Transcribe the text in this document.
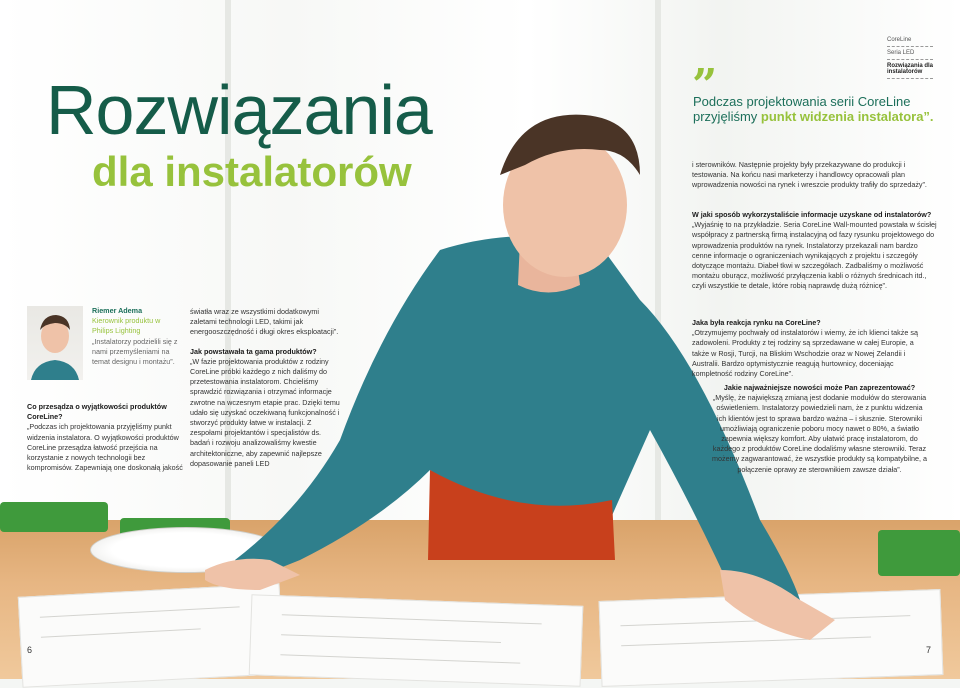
Rozwiązania
dla instalatorów
CoreLine
Seria LED
Rozwiązania dla instalatorów
”
Podczas projektowania serii CoreLine przyjęliśmy punkt widzenia instalatora”.
i sterowników. Następnie projekty były przekazywane do produkcji i testowania. Na końcu nasi marketerzy i handlowcy opracowali plan wprowadzenia nowości na rynek i wreszcie produkty trafiły do sprzedaży”.
W jaki sposób wykorzystaliście informacje uzyskane od instalatorów?
„Wyjaśnię to na przykładzie. Seria CoreLine Wall-mounted powstała w ścisłej współpracy z partnerską firmą instalacyjną od fazy rysunku projektowego do wprowadzenia produktów na rynek. Instalatorzy przekazali nam bardzo cenne informacje o ograniczeniach wynikających z projektu i szczegóły dotyczące montażu. Diabeł tkwi w szczegółach. Zadbaliśmy o możliwość montażu oburącz, możliwość przyłączenia kabli o różnych średnicach itd., czyli wszystkie te detale, które robią naprawdę dużą różnicę”.
Jaka była reakcja rynku na CoreLine?
„Otrzymujemy pochwały od instalatorów i wiemy, że ich klienci także są zadowoleni. Produkty z tej rodziny są sprzedawane w całej Europie, a także w Rosji, Turcji, na Bliskim Wschodzie oraz w Nowej Zelandii i Australii. Bardzo optymistycznie reagują hurtownicy, doceniając kompletność rodziny CoreLine”.
Jakie najważniejsze nowości może Pan zaprezentować?
„Myślę, że największą zmianą jest dodanie modułów do sterowania oświetleniem. Instalatorzy powiedzieli nam, że z punktu widzenia ich klientów jest to sprawa bardzo ważna – i słusznie. Sterowniki umożliwiają ograniczenie poboru mocy nawet o 80%, a światło zapewnia większy komfort. Aby ułatwić pracę instalatorom, do każdego z produktów CoreLine dodaliśmy własne sterowniki. Teraz możemy zagwarantować, że wszystkie produkty są kompatybilne, a połączenie oprawy ze sterownikiem zawsze działa”.
Riemer Adema
Kierownik produktu w Philips Lighting
„Instalatorzy podzielili się z nami przemyśleniami na temat designu i montażu”.
Co przesądza o wyjątkowości produktów CoreLine?
„Podczas ich projektowania przyjęliśmy punkt widzenia instalatora. O wyjątkowości produktów CoreLine przesądza łatwość przejścia na korzystanie z nowych technologii bez kompromisów. Zapewniają one doskonałą jakość

światła wraz ze wszystkimi dodatkowymi zaletami technologii LED, takimi jak energooszczędność i długi okres eksploatacji”.

Jak powstawała ta gama produktów?
„W fazie projektowania produktów z rodziny CoreLine próbki każdego z nich daliśmy do przetestowania instalatorom. Chcieliśmy sprawdzić rozwiązania i otrzymać informacje zwrotne na wczesnym etapie prac. Dzięki temu udało się uzyskać oczekiwaną funkcjonalność i stworzyć produkty łatwe w instalacji. Z zespołami projektantów i specjalistów ds. badań i rozwoju analizowaliśmy kwestie architektoniczne, aby zapewnić najlepsze dopasowanie paneli LED
6	7
